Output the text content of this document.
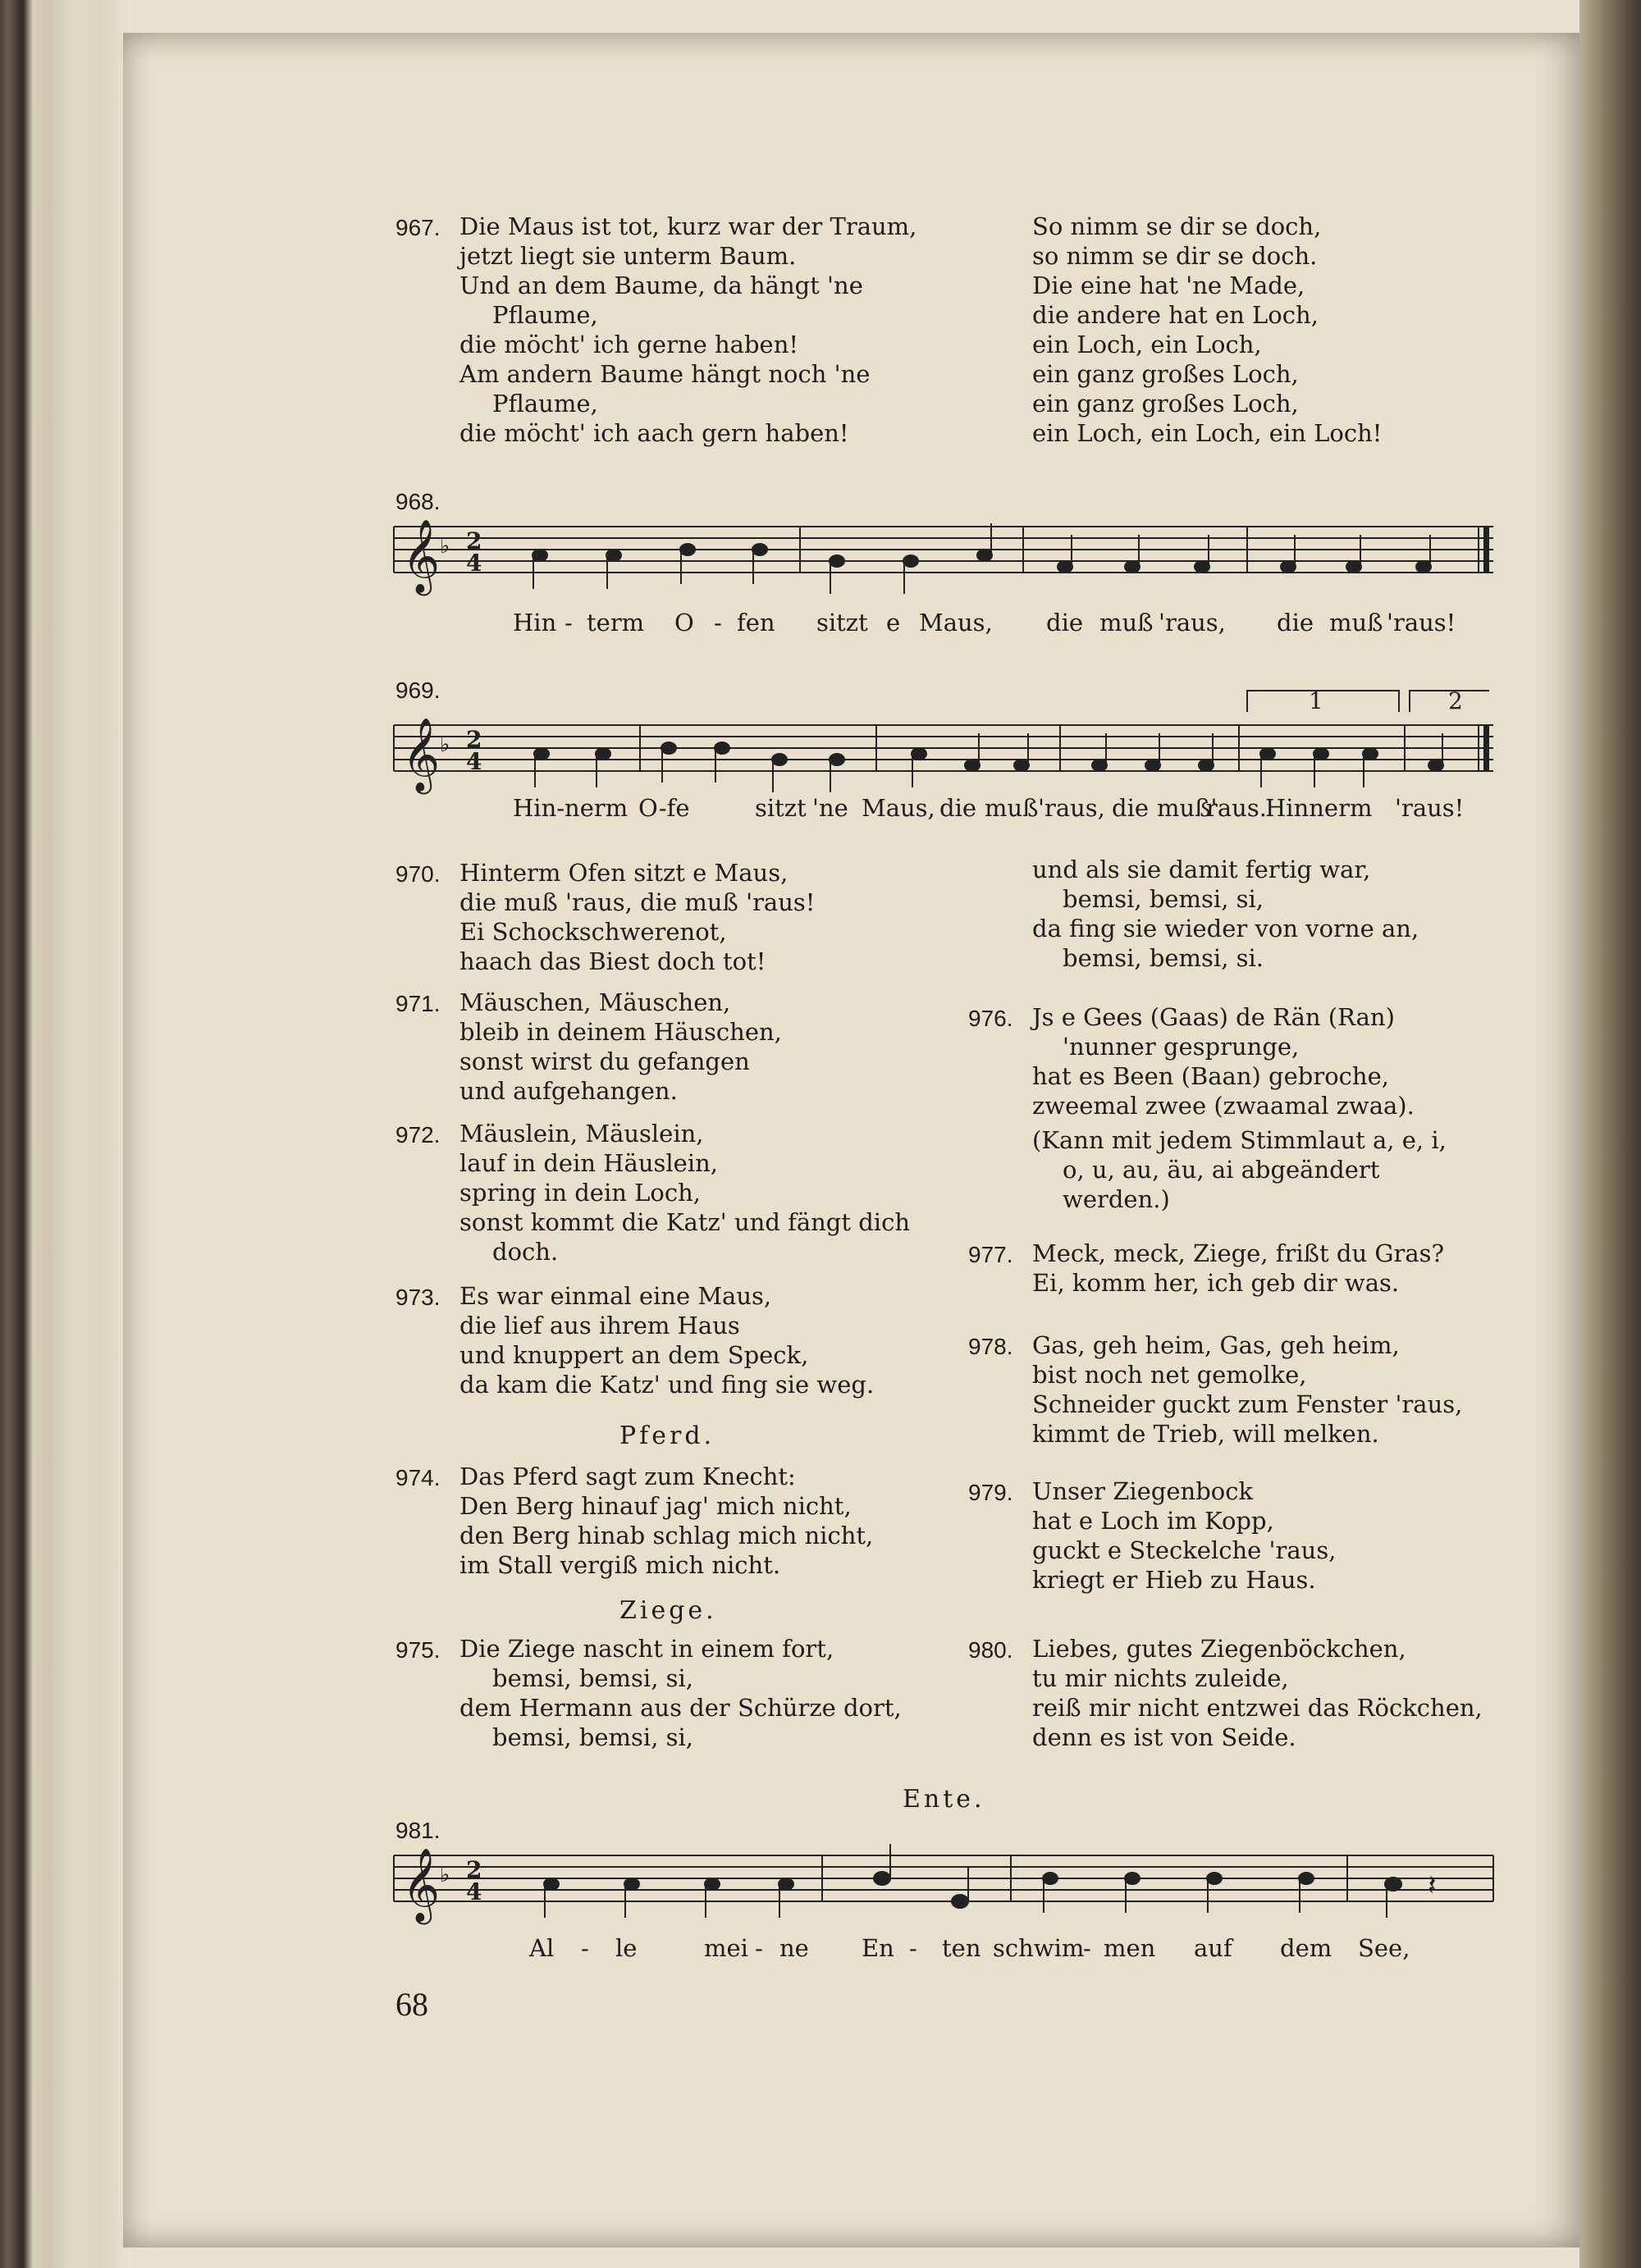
967. Die Maus ist tot, kurz war der Traum,
jetzt liegt sie unterm Baum.
Und an dem Baume, da hängt 'ne
Pflaume,
die möcht' ich gerne haben!
Am andern Baume hängt noch 'ne
Pflaume,
die möcht' ich aach gern haben!
So nimm se dir se doch,
so nimm se dir se doch.
Die eine hat 'ne Made,
die andere hat en Loch,
ein Loch, ein Loch,
ein ganz großes Loch,
ein ganz großes Loch,
ein Loch, ein Loch, ein Loch!
968.
𝄞 ♭ 2
4
Hin - term O - fen sitzt e Maus, die muß 'raus, die muß 'raus!
969.	1	2
𝄞 ♭ 2
4
Hin-nerm O-fe	sitzt 'ne Maus, die muß 'raus, die muß'
raus.
Hinnerm 'raus!
970. Hinterm Ofen sitzt e Maus,
die muß 'raus, die muß 'raus!
Ei Schockschwerenot,
haach das Biest doch tot!
971. Mäuschen, Mäuschen,
bleib in deinem Häuschen,
sonst wirst du gefangen
und aufgehangen.
972. Mäuslein, Mäuslein,
lauf in dein Häuslein,
spring in dein Loch,
sonst kommt die Katz' und fängt dich
doch.
973. Es war einmal eine Maus,
die lief aus ihrem Haus
und knuppert an dem Speck,
da kam die Katz' und fing sie weg.
Pferd.
974. Das Pferd sagt zum Knecht:
Den Berg hinauf jag' mich nicht,
den Berg hinab schlag mich nicht,
im Stall vergiß mich nicht.
Ziege.
975. Die Ziege nascht in einem fort,
bemsi, bemsi, si,
dem Hermann aus der Schürze dort,
bemsi, bemsi, si,
und als sie damit fertig war,
bemsi, bemsi, si,
da fing sie wieder von vorne an,
bemsi, bemsi, si.
976. Js e Gees (Gaas) de Rän (Ran)
'nunner gesprunge,
hat es Been (Baan) gebroche,
zweemal zwee (zwaamal zwaa).
(Kann mit jedem Stimmlaut a, e, i,
o, u, au, äu, ai abgeändert
werden.)
977. Meck, meck, Ziege, frißt du Gras?
Ei, komm her, ich geb dir was.
978. Gas, geh heim, Gas, geh heim,
bist noch net gemolke,
Schneider guckt zum Fenster 'raus,
kimmt de Trieb, will melken.
979. Unser Ziegenbock
hat e Loch im Kopp,
guckt e Steckelche 'raus,
kriegt er Hieb zu Haus.
980. Liebes, gutes Ziegenböckchen,
tu mir nichts zuleide,
reiß mir nicht entzwei das Röckchen,
denn es ist von Seide.
Ente.
981.
𝄞 ♭ 2
4	𝄽
Al - le	mei - ne En - ten schwim
- men auf dem See,
68
